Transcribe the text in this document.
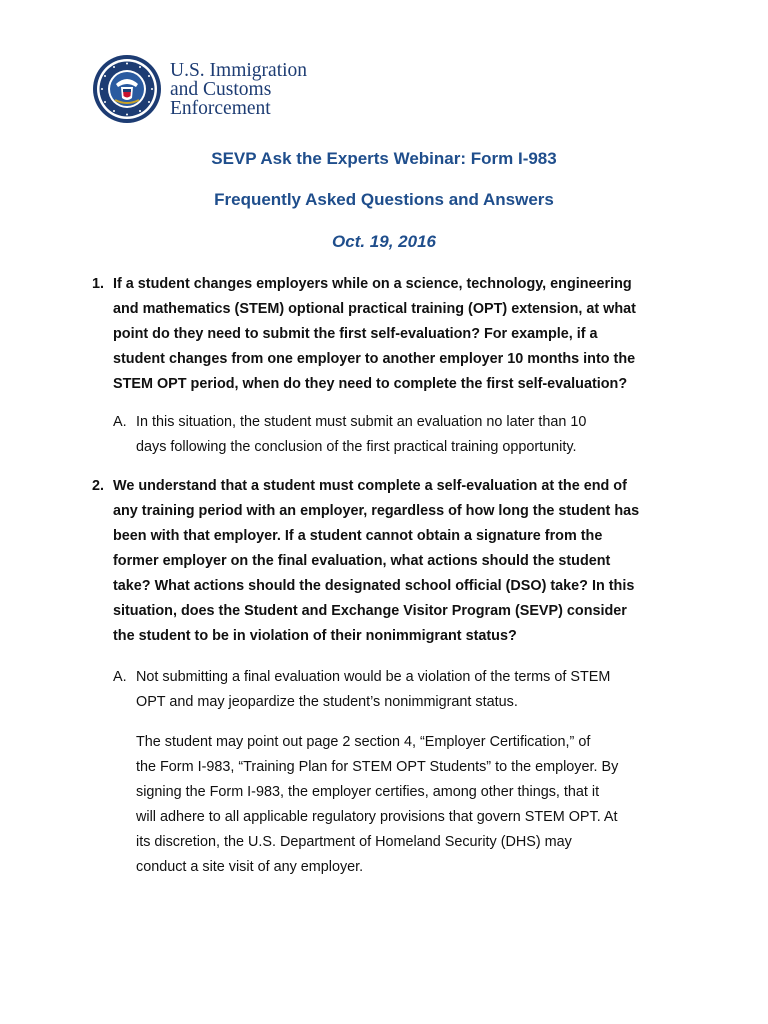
U.S. Immigration
and Customs
Enforcement
SEVP Ask the Experts Webinar: Form I-983
Frequently Asked Questions and Answers
Oct. 19, 2016
1. If a student changes employers while on a science, technology, engineering
and mathematics (STEM) optional practical training (OPT) extension, at what
point do they need to submit the first self-evaluation? For example, if a
student changes from one employer to another employer 10 months into the
STEM OPT period, when do they need to complete the first self-evaluation?
A. In this situation, the student must submit an evaluation no later than 10
days following the conclusion of the first practical training opportunity.
2. We understand that a student must complete a self-evaluation at the end of
any training period with an employer, regardless of how long the student has
been with that employer. If a student cannot obtain a signature from the
former employer on the final evaluation, what actions should the student
take? What actions should the designated school official (DSO) take? In this
situation, does the Student and Exchange Visitor Program (SEVP) consider
the student to be in violation of their nonimmigrant status?
A. Not submitting a final evaluation would be a violation of the terms of STEM
OPT and may jeopardize the student’s nonimmigrant status.
The student may point out page 2 section 4, “Employer Certification,” of
the Form I-983, “Training Plan for STEM OPT Students” to the employer. By
signing the Form I-983, the employer certifies, among other things, that it
will adhere to all applicable regulatory provisions that govern STEM OPT. At
its discretion, the U.S. Department of Homeland Security (DHS) may
conduct a site visit of any employer.
